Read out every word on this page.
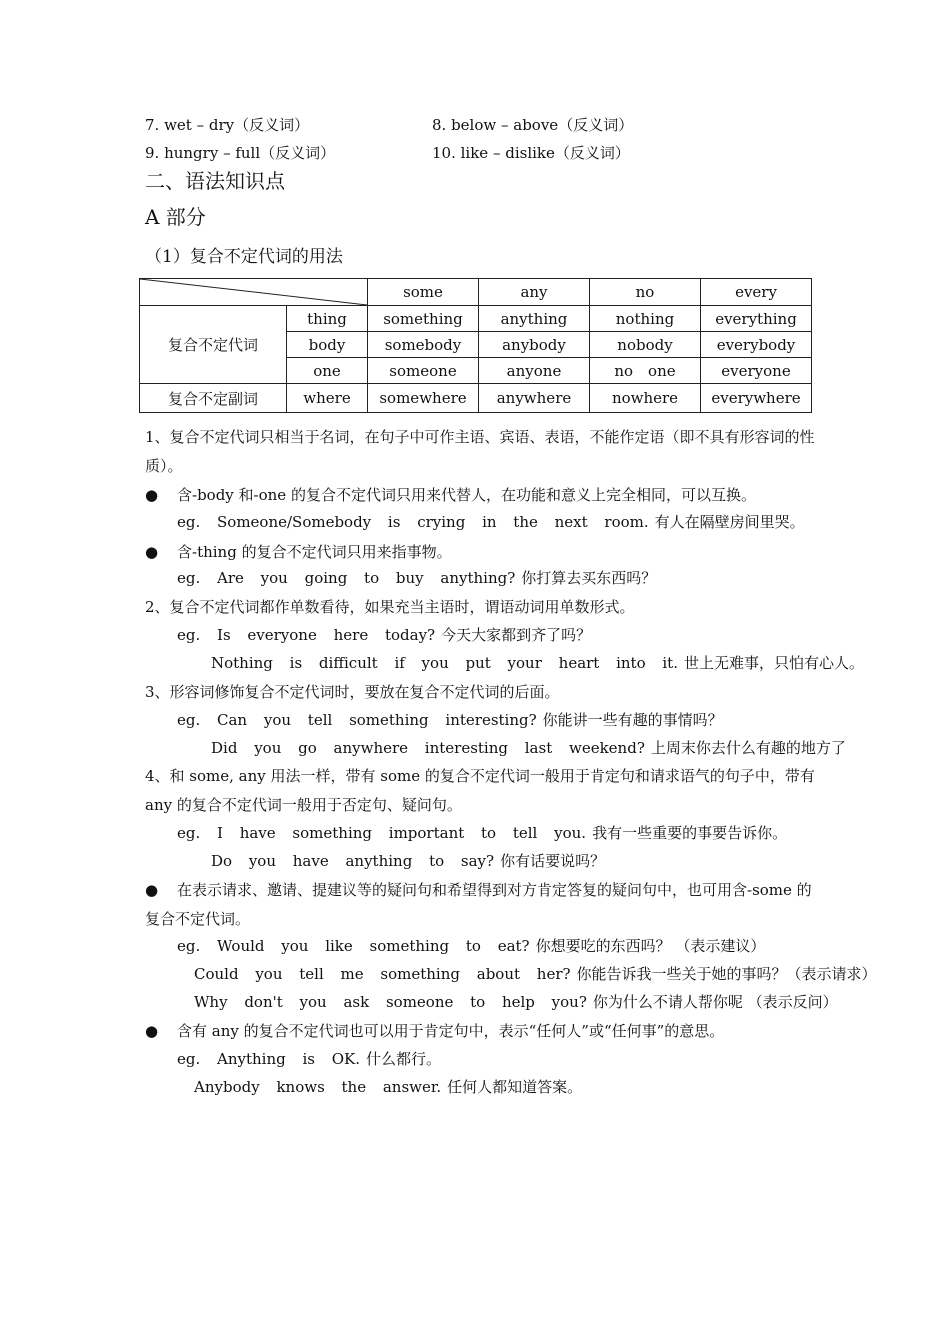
7. wet – dry（反义词）	8. below – above（反义词）
9. hungry – full（反义词）	10. like – dislike（反义词）
二、语法知识点
A 部分
（1）复合不定代词的用法
	some	any	no	every
复合不定代词	thing	something	anything	nothing	everything
	body	somebody	anybody	nobody	everybody
	one	someone	anyone	no　one	everyone
复合不定副词	where	somewhere	anywhere	nowhere	everywhere
1、复合不定代词只相当于名词，在句子中可作主语、宾语、表语，不能作定语（即不具有形容词的性质）。
● 含-body 和-one 的复合不定代词只用来代替人，在功能和意义上完全相同，可以互换。
eg. Someone/Somebody is crying in the next room. 有人在隔壁房间里哭。
● 含-thing 的复合不定代词只用来指事物。
eg. Are you going to buy anything? 你打算去买东西吗？
2、复合不定代词都作单数看待，如果充当主语时，谓语动词用单数形式。
eg. Is everyone here today? 今天大家都到齐了吗？
Nothing is difficult if you put your heart into it. 世上无难事，只怕有心人。
3、形容词修饰复合不定代词时，要放在复合不定代词的后面。
eg. Can you tell something interesting? 你能讲一些有趣的事情吗？
Did you go anywhere interesting last weekend? 上周末你去什么有趣的地方了
4、和 some, any 用法一样，带有 some 的复合不定代词一般用于肯定句和请求语气的句子中，带有 any 的复合不定代词一般用于否定句、疑问句。
eg. I have something important to tell you. 我有一些重要的事要告诉你。
Do you have anything to say? 你有话要说吗？
● 在表示请求、邀请、提建议等的疑问句和希望得到对方肯定答复的疑问句中，也可用含-some 的复合不定代词。
eg. Would you like something to eat? 你想要吃的东西吗？ （表示建议）
Could you tell me something about her? 你能告诉我一些关于她的事吗？（表示请求）
Why don't you ask someone to help you? 你为什么不请人帮你呢 （表示反问）
● 含有 any 的复合不定代词也可以用于肯定句中，表示“任何人”或“任何事”的意思。
eg. Anything is OK. 什么都行。
Anybody knows the answer. 任何人都知道答案。
